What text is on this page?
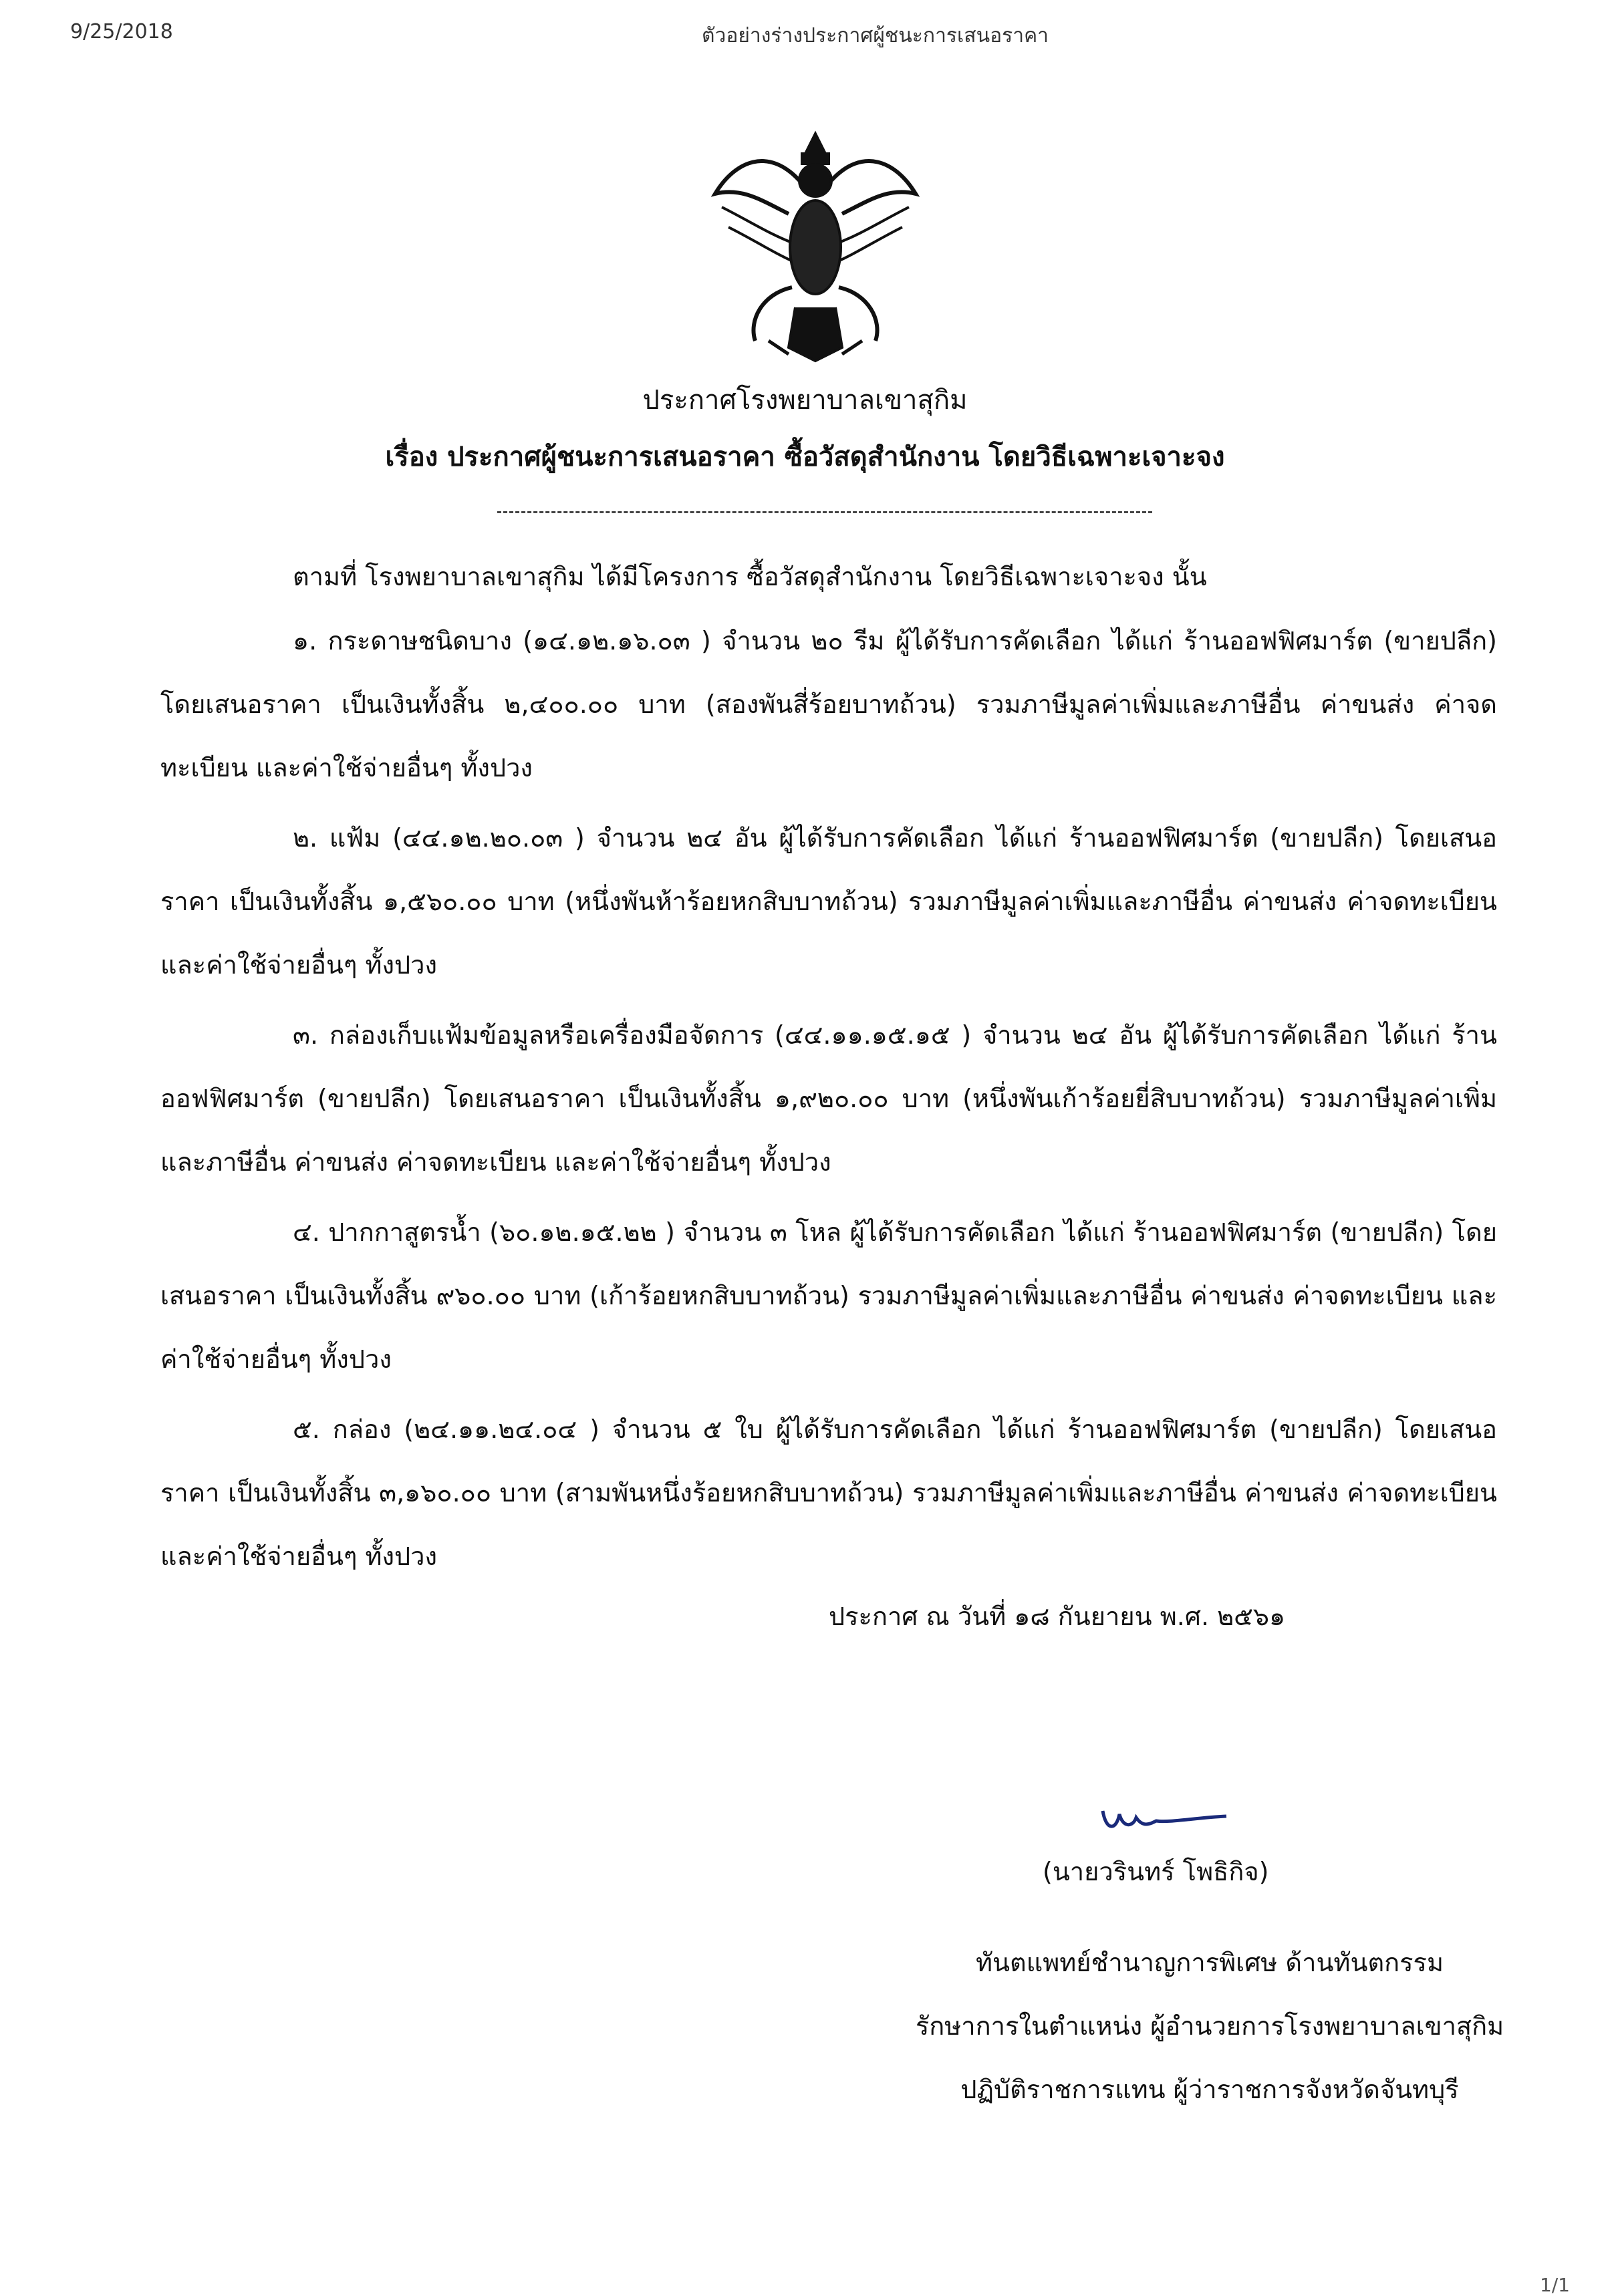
9/25/2018	ตัวอย่างร่างประกาศผู้ชนะการเสนอราคา
ประกาศโรงพยาบาลเขาสุกิม
เรื่อง ประกาศผู้ชนะการเสนอราคา ซื้อวัสดุสำนักงาน โดยวิธีเฉพาะเจาะจง
ตามที่ โรงพยาบาลเขาสุกิม ได้มีโครงการ ซื้อวัสดุสำนักงาน โดยวิธีเฉพาะเจาะจง นั้น

๑. กระดาษชนิดบาง (๑๔.๑๒.๑๖.๐๓ ) จำนวน ๒๐ รีม ผู้ได้รับการคัดเลือก ได้แก่ ร้านออฟฟิศมาร์ต (ขายปลีก) โดยเสนอราคา เป็นเงินทั้งสิ้น ๒,๔๐๐.๐๐ บาท (สองพันสี่ร้อยบาทถ้วน) รวมภาษีมูลค่าเพิ่มและภาษีอื่น ค่าขนส่ง ค่าจดทะเบียน และค่าใช้จ่ายอื่นๆ ทั้งปวง

๒. แฟ้ม (๔๔.๑๒.๒๐.๐๓ ) จำนวน ๒๔ อัน ผู้ได้รับการคัดเลือก ได้แก่ ร้านออฟฟิศมาร์ต (ขายปลีก) โดยเสนอราคา เป็นเงินทั้งสิ้น ๑,๕๖๐.๐๐ บาท (หนึ่งพันห้าร้อยหกสิบบาทถ้วน) รวมภาษีมูลค่าเพิ่มและภาษีอื่น ค่าขนส่ง ค่าจดทะเบียน และค่าใช้จ่ายอื่นๆ ทั้งปวง

๓. กล่องเก็บแฟ้มข้อมูลหรือเครื่องมือจัดการ (๔๔.๑๑.๑๕.๑๕ ) จำนวน ๒๔ อัน ผู้ได้รับการคัดเลือก ได้แก่ ร้านออฟฟิศมาร์ต (ขายปลีก) โดยเสนอราคา เป็นเงินทั้งสิ้น ๑,๙๒๐.๐๐ บาท (หนึ่งพันเก้าร้อยยี่สิบบาทถ้วน) รวมภาษีมูลค่าเพิ่มและภาษีอื่น ค่าขนส่ง ค่าจดทะเบียน และค่าใช้จ่ายอื่นๆ ทั้งปวง

๔. ปากกาสูตรน้ำ (๖๐.๑๒.๑๕.๒๒ ) จำนวน ๓ โหล ผู้ได้รับการคัดเลือก ได้แก่ ร้านออฟฟิศมาร์ต (ขายปลีก) โดยเสนอราคา เป็นเงินทั้งสิ้น ๙๖๐.๐๐ บาท (เก้าร้อยหกสิบบาทถ้วน) รวมภาษีมูลค่าเพิ่มและภาษีอื่น ค่าขนส่ง ค่าจดทะเบียน และค่าใช้จ่ายอื่นๆ ทั้งปวง

๕. กล่อง (๒๔.๑๑.๒๔.๐๔ ) จำนวน ๕ ใบ ผู้ได้รับการคัดเลือก ได้แก่ ร้านออฟฟิศมาร์ต (ขายปลีก) โดยเสนอราคา เป็นเงินทั้งสิ้น ๓,๑๖๐.๐๐ บาท (สามพันหนึ่งร้อยหกสิบบาทถ้วน) รวมภาษีมูลค่าเพิ่มและภาษีอื่น ค่าขนส่ง ค่าจดทะเบียน และค่าใช้จ่ายอื่นๆ ทั้งปวง

ประกาศ ณ วันที่ ๑๘ กันยายน พ.ศ. ๒๕๖๑
(นายวรินทร์ โพธิกิจ)
ทันตแพทย์ชำนาญการพิเศษ ด้านทันตกรรม
รักษาการในตำแหน่ง ผู้อำนวยการโรงพยาบาลเขาสุกิม
ปฏิบัติราชการแทน ผู้ว่าราชการจังหวัดจันทบุรี
1/1
